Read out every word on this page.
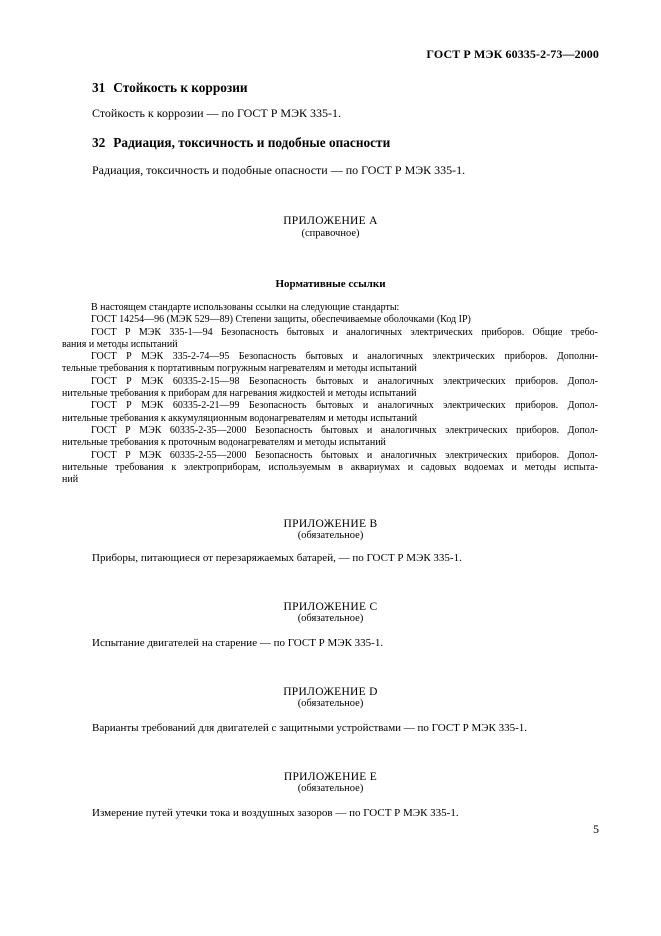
ГОСТ Р МЭК 60335-2-73—2000
31 Стойкость к коррозии
Стойкость к коррозии — по ГОСТ Р МЭК 335-1.
32 Радиация, токсичность и подобные опасности
Радиация, токсичность и подобные опасности — по ГОСТ Р МЭК 335-1.
ПРИЛОЖЕНИЕ А
(справочное)
Нормативные ссылки
В настоящем стандарте использованы ссылки на следующие стандарты:
ГОСТ 14254—96 (МЭК 529—89) Степени защиты, обеспечиваемые оболочками (Код IP)
ГОСТ Р МЭК 335-1—94 Безопасность бытовых и аналогичных электрических приборов. Общие требо-
вания и методы испытаний
ГОСТ Р МЭК 335-2-74—95 Безопасность бытовых и аналогичных электрических приборов. Дополни-
тельные требования к портативным погружным нагревателям и методы испытаний
ГОСТ Р МЭК 60335-2-15—98 Безопасность бытовых и аналогичных электрических приборов. Допол-
нительные требования к приборам для нагревания жидкостей и методы испытаний
ГОСТ Р МЭК 60335-2-21—99 Безопасность бытовых и аналогичных электрических приборов. Допол-
нительные требования к аккумуляционным водонагревателям и методы испытаний
ГОСТ Р МЭК 60335-2-35—2000 Безопасность бытовых и аналогичных электрических приборов. Допол-
нительные требования к проточным водонагревателям и методы испытаний
ГОСТ Р МЭК 60335-2-55—2000 Безопасность бытовых и аналогичных электрических приборов. Допол-
нительные требования к электроприборам, используемым в аквариумах и садовых водоемах и методы испыта-
ний
ПРИЛОЖЕНИЕ В
(обязательное)
Приборы, питающиеся от перезаряжаемых батарей, — по ГОСТ Р МЭК 335-1.
ПРИЛОЖЕНИЕ С
(обязательное)
Испытание двигателей на старение — по ГОСТ Р МЭК 335-1.
ПРИЛОЖЕНИЕ D
(обязательное)
Варианты требований для двигателей с защитными устройствами — по ГОСТ Р МЭК 335-1.
ПРИЛОЖЕНИЕ Е
(обязательное)
Измерение путей утечки тока и воздушных зазоров — по ГОСТ Р МЭК 335-1.
5
